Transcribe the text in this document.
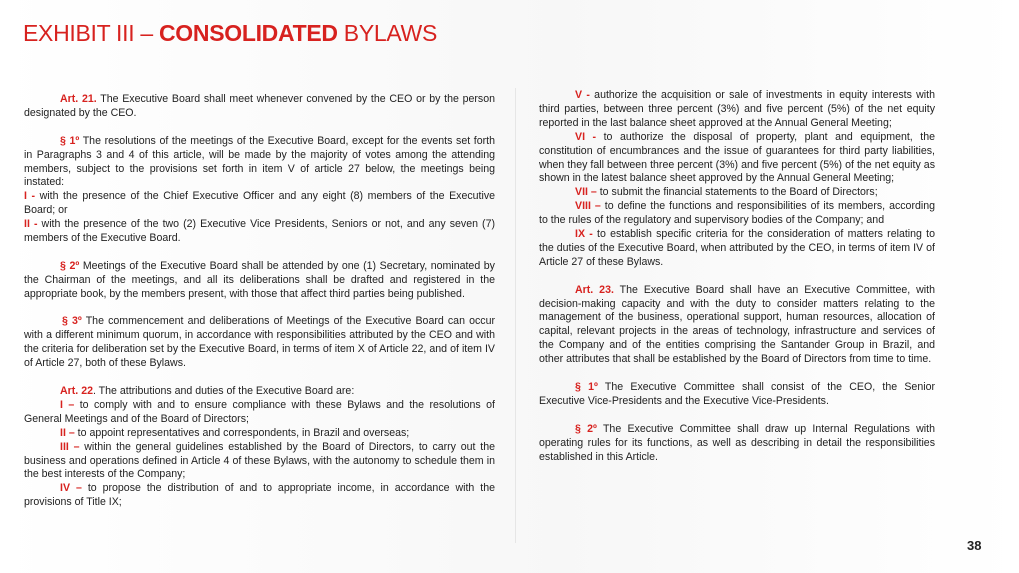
EXHIBIT III – CONSOLIDATED BYLAWS

Art. 21. The Executive Board shall meet whenever convened by the CEO or by the person designated by the CEO.

§ 1º The resolutions of the meetings of the Executive Board, except for the events set forth in Paragraphs 3 and 4 of this article, will be made by the majority of votes among the attending members, subject to the provisions set forth in item V of article 27 below, the meetings being instated:

I - with the presence of the Chief Executive Officer and any eight (8) members of the Executive Board; or

II - with the presence of the two (2) Executive Vice Presidents, Seniors or not, and any seven (7) members of the Executive Board.

§ 2º Meetings of the Executive Board shall be attended by one (1) Secretary, nominated by the Chairman of the meetings, and all its deliberations shall be drafted and registered in the appropriate book, by the members present, with those that affect third parties being published.

§ 3º The commencement and deliberations of Meetings of the Executive Board can occur with a different minimum quorum, in accordance with responsibilities attributed by the CEO and with the criteria for deliberation set by the Executive Board, in terms of item X of Article 22, and of item IV of Article 27, both of these Bylaws.

Art. 22. The attributions and duties of the Executive Board are:

I – to comply with and to ensure compliance with these Bylaws and the resolutions of General Meetings and of the Board of Directors;

II – to appoint representatives and correspondents, in Brazil and overseas;

III – within the general guidelines established by the Board of Directors, to carry out the business and operations defined in Article 4 of these Bylaws, with the autonomy to schedule them in the best interests of the Company;

IV – to propose the distribution of and to appropriate income, in accordance with the provisions of Title IX;

V - authorize the acquisition or sale of investments in equity interests with third parties, between three percent (3%) and five percent (5%) of the net equity reported in the last balance sheet approved at the Annual General Meeting;

VI - to authorize the disposal of property, plant and equipment, the constitution of encumbrances and the issue of guarantees for third party liabilities, when they fall between three percent (3%) and five percent (5%) of the net equity as shown in the latest balance sheet approved by the Annual General Meeting;

VII – to submit the financial statements to the Board of Directors;

VIII – to define the functions and responsibilities of its members, according to the rules of the regulatory and supervisory bodies of the Company; and

IX - to establish specific criteria for the consideration of matters relating to the duties of the Executive Board, when attributed by the CEO, in terms of item IV of Article 27 of these Bylaws.

Art. 23. The Executive Board shall have an Executive Committee, with decision-making capacity and with the duty to consider matters relating to the management of the business, operational support, human resources, allocation of capital, relevant projects in the areas of technology, infrastructure and services of the Company and of the entities comprising the Santander Group in Brazil, and other attributes that shall be established by the Board of Directors from time to time.

§ 1º The Executive Committee shall consist of the CEO, the Senior Executive Vice-Presidents and the Executive Vice-Presidents.

§ 2º The Executive Committee shall draw up Internal Regulations with operating rules for its functions, as well as describing in detail the responsibilities established in this Article.

38
